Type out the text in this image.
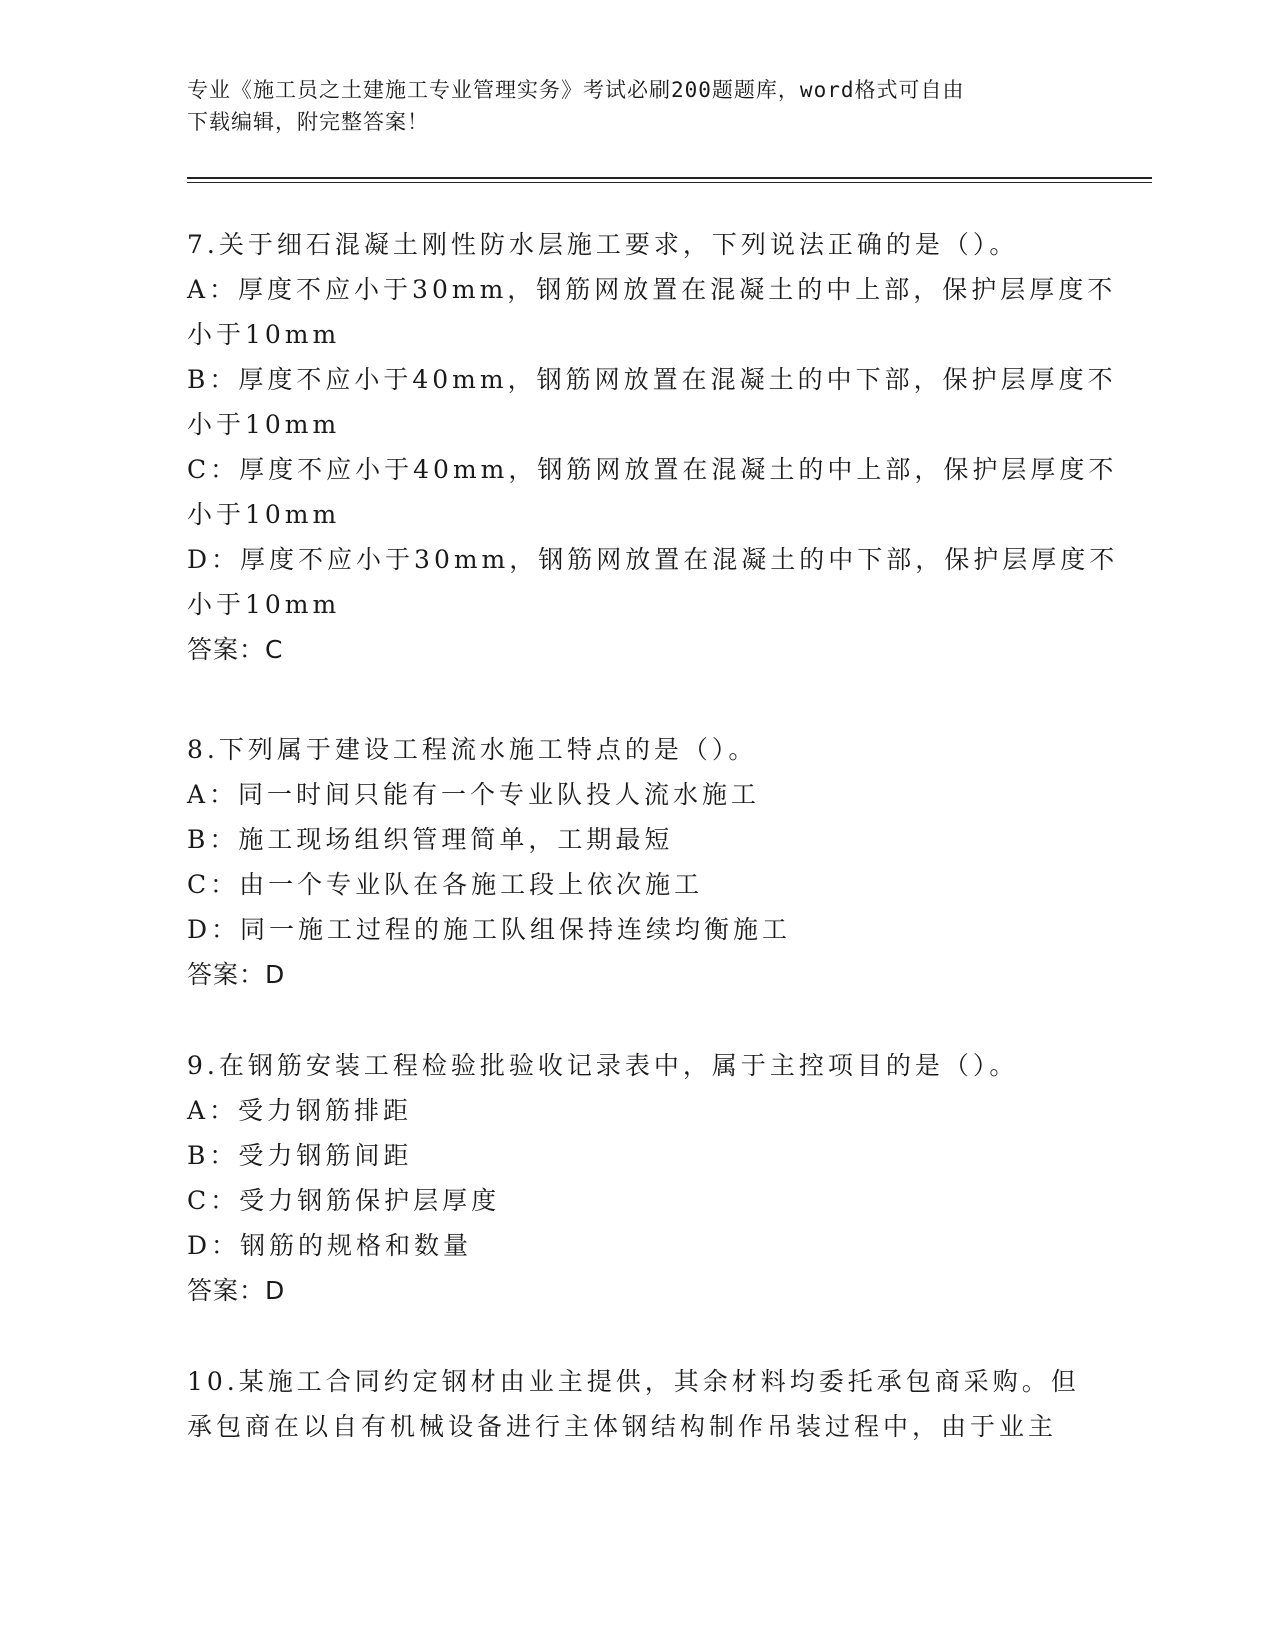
专业《施工员之土建施工专业管理实务》考试必刷200题题库，word格式可自由
下载编辑，附完整答案！
7.关于细石混凝土刚性防水层施工要求，下列说法正确的是（）。
A：厚度不应小于30mm，钢筋网放置在混凝土的中上部，保护层厚度不
小于10mm
B：厚度不应小于40mm，钢筋网放置在混凝土的中下部，保护层厚度不
小于10mm
C：厚度不应小于40mm，钢筋网放置在混凝土的中上部，保护层厚度不
小于10mm
D：厚度不应小于30mm，钢筋网放置在混凝土的中下部，保护层厚度不
小于10mm
答案：C
8.下列属于建设工程流水施工特点的是（）。
A：同一时间只能有一个专业队投人流水施工
B：施工现场组织管理简单，工期最短
C：由一个专业队在各施工段上依次施工
D：同一施工过程的施工队组保持连续均衡施工
答案：D
9.在钢筋安装工程检验批验收记录表中，属于主控项目的是（）。
A：受力钢筋排距
B：受力钢筋间距
C：受力钢筋保护层厚度
D：钢筋的规格和数量
答案：D
10.某施工合同约定钢材由业主提供，其余材料均委托承包商采购。但
承包商在以自有机械设备进行主体钢结构制作吊装过程中，由于业主
